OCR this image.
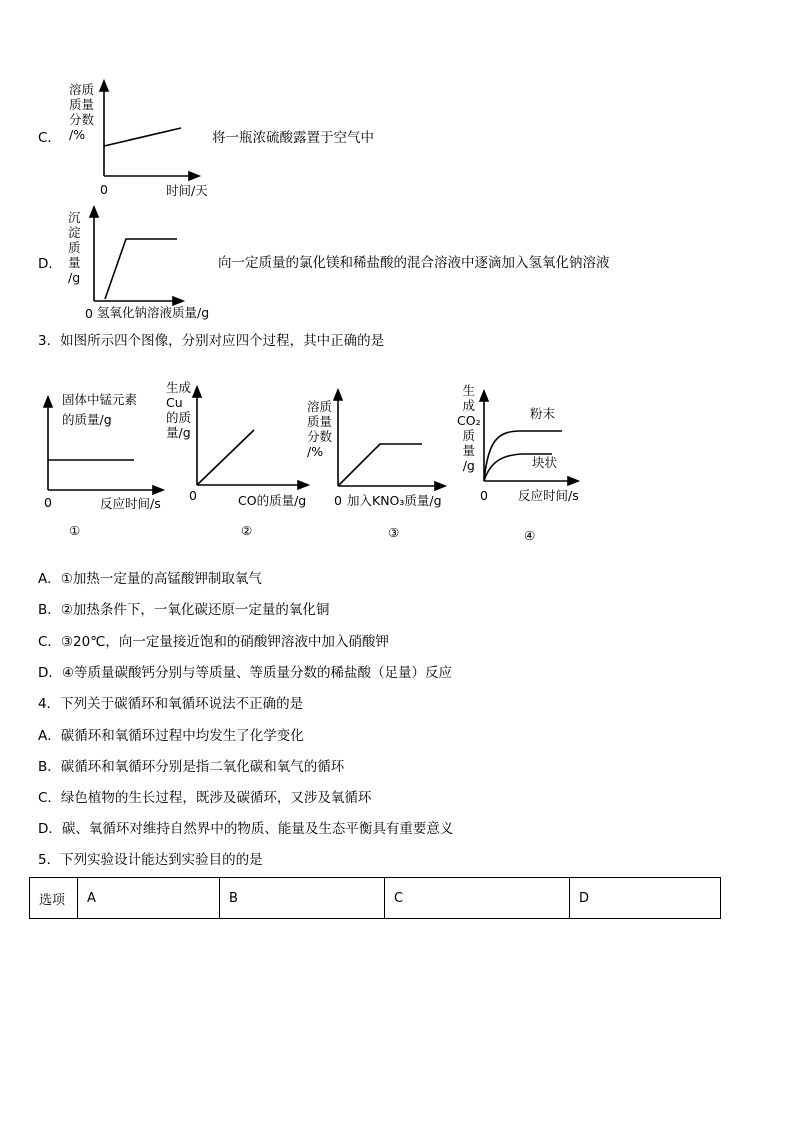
C．
溶质
质量
分数
/%
0	时间/天
将一瓶浓硫酸露置于空气中
D．
沉
淀
质
量
/g
0 氢氧化钠溶液质量/g
向一定质量的氯化镁和稀盐酸的混合溶液中逐滴加入氢氧化钠溶液
3．如图所示四个图像，分别对应四个过程，其中正确的是
固体中锰元素
的质量/g
0	反应时间/s
①
生成
Cu
的质
量/g
0	CO的质量/g
②
溶质
质量
分数
/%
0 加入KNO₃质量/g
③
生
成
CO₂
质
量
/g
粉末
块状
0 反应时间/s
④
A．①加热一定量的高锰酸钾制取氧气
B．②加热条件下，一氧化碳还原一定量的氧化铜
C．③20℃，向一定量接近饱和的硝酸钾溶液中加入硝酸钾
D．④等质量碳酸钙分别与等质量、等质量分数的稀盐酸（足量）反应
4．下列关于碳循环和氧循环说法不正确的是
A．碳循环和氧循环过程中均发生了化学变化
B．碳循环和氧循环分别是指二氧化碳和氧气的循环
C．绿色植物的生长过程，既涉及碳循环，又涉及氧循环
D．碳、氧循环对维持自然界中的物质、能量及生态平衡具有重要意义
5．下列实验设计能达到实验目的的是
选项	A	B	C	D
